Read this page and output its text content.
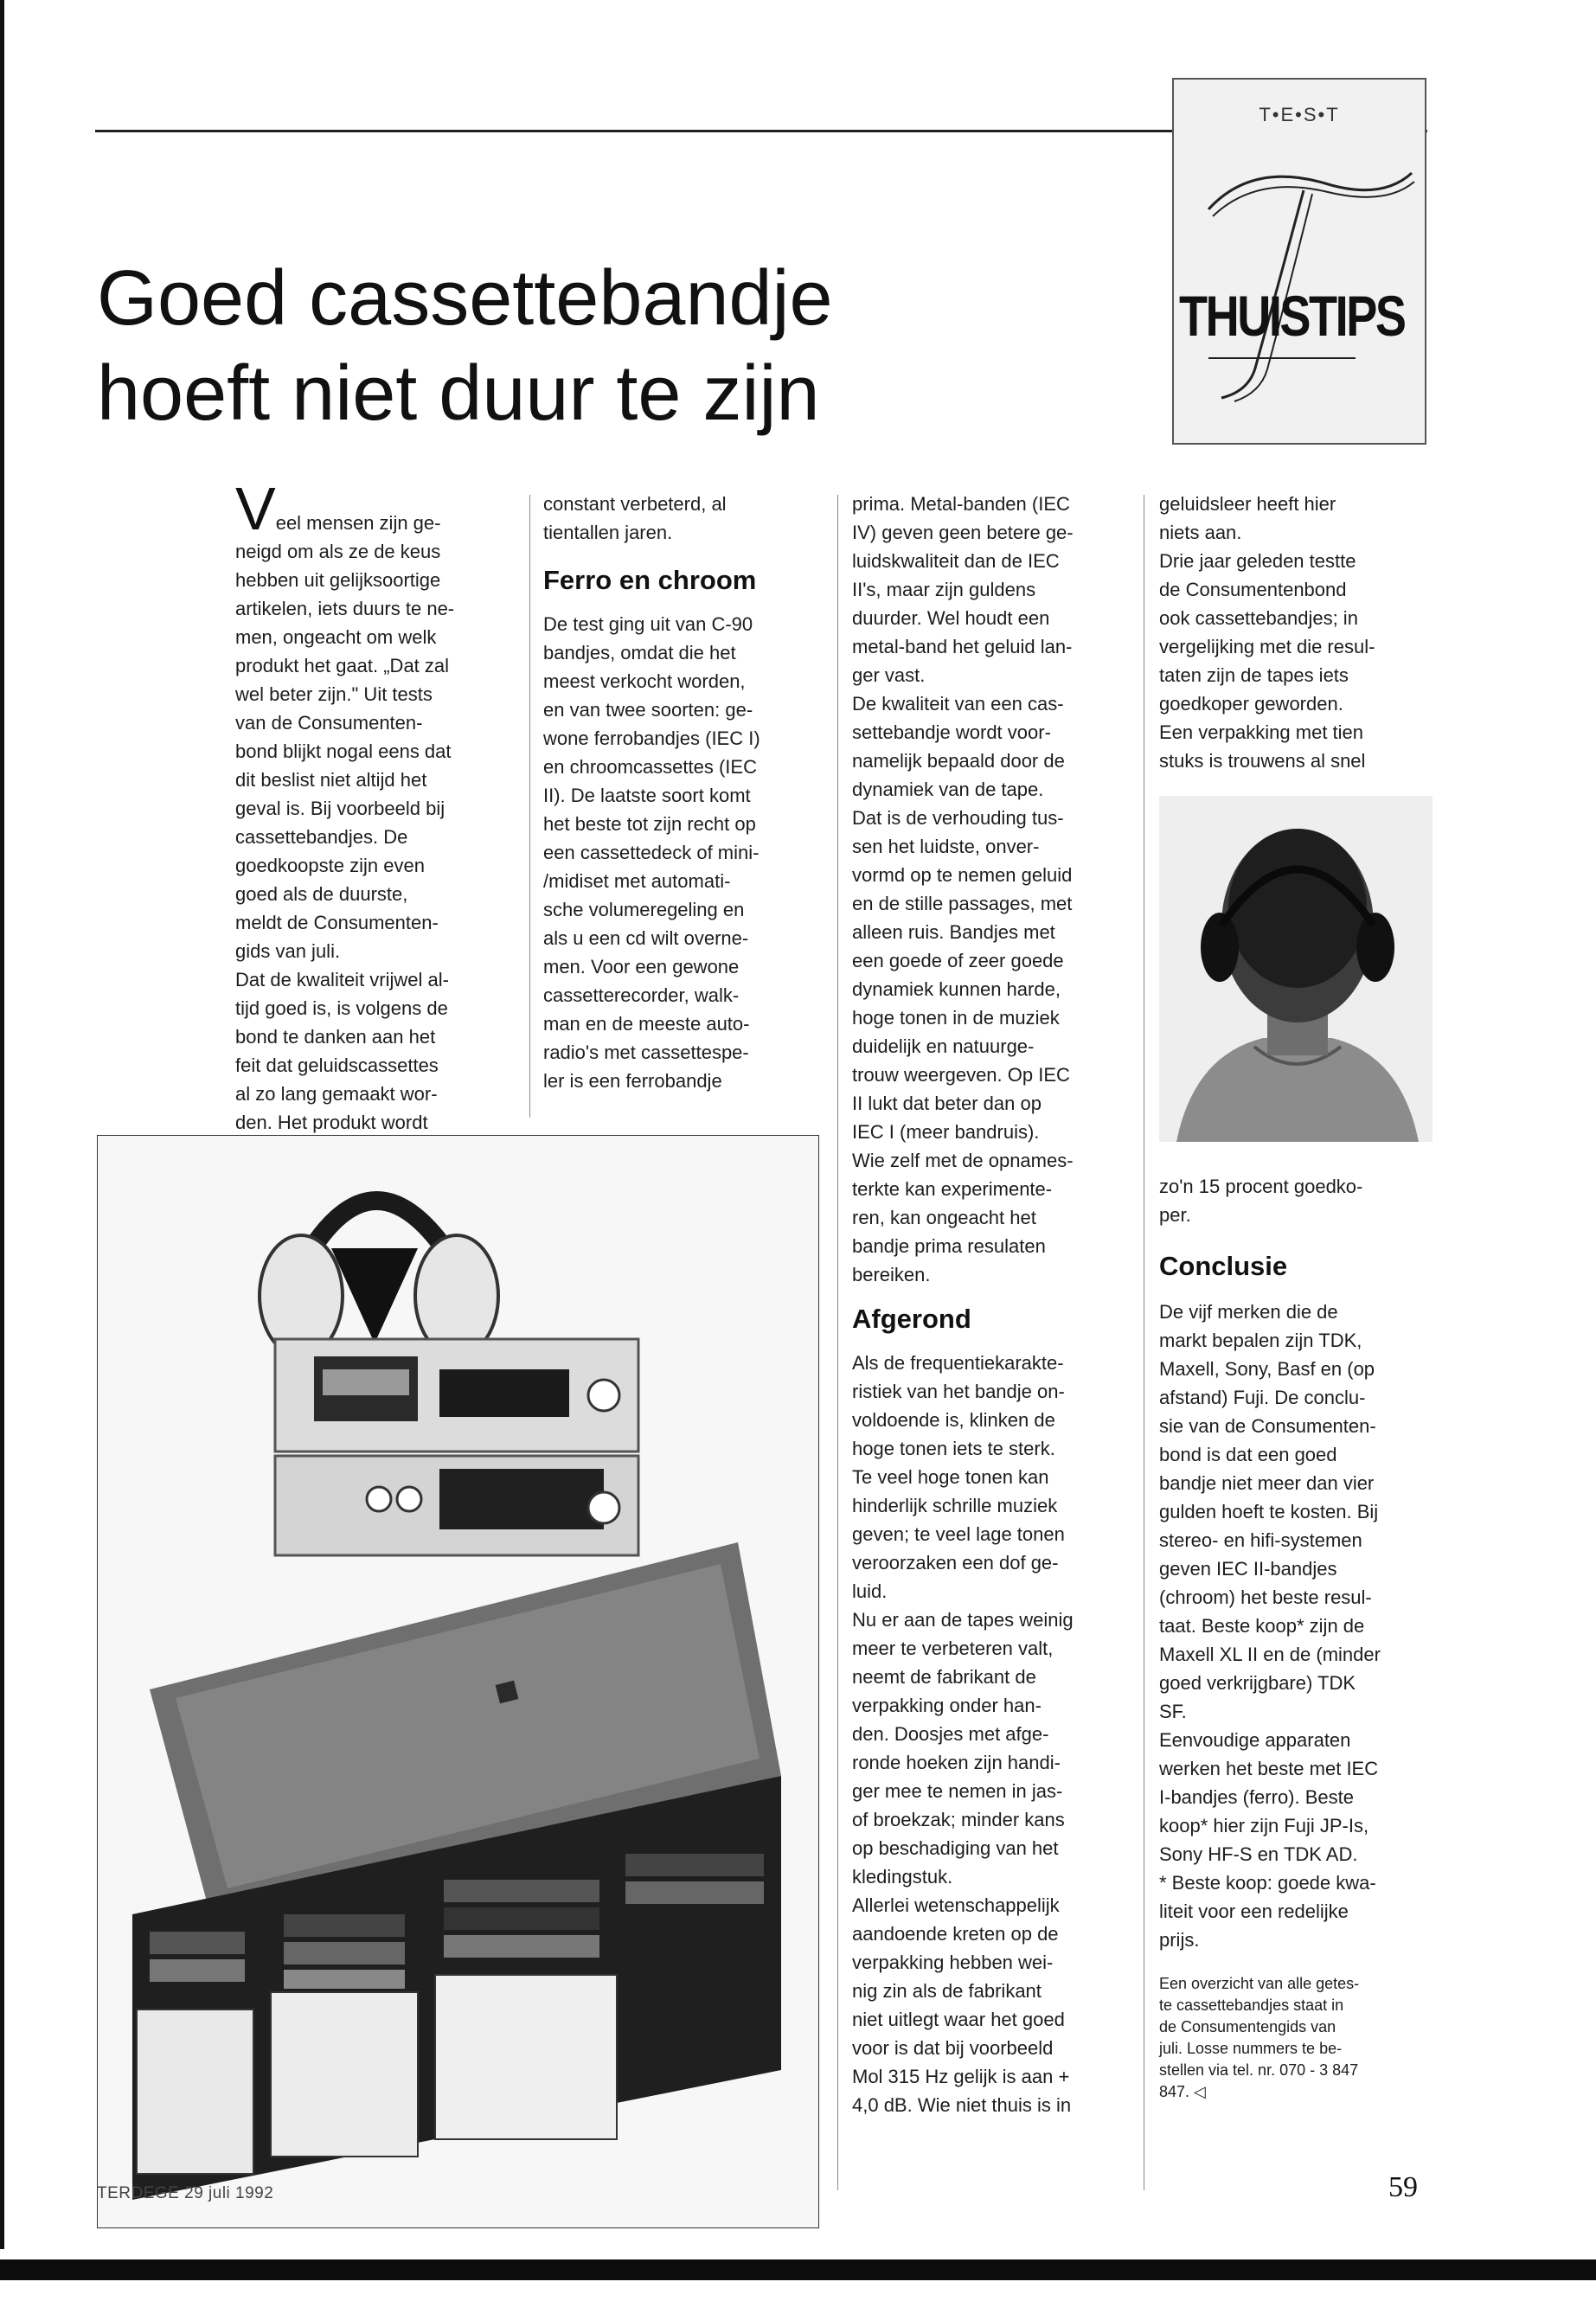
T•E•S•T
THUISTIPS
Goed cassettebandje
hoeft niet duur te zijn

Veel mensen zijn ge-
neigd om als ze de keus
hebben uit gelijksoortige
artikelen, iets duurs te ne-
men, ongeacht om welk
produkt het gaat. „Dat zal
wel beter zijn." Uit tests
van de Consumenten-
bond blijkt nogal eens dat
dit beslist niet altijd het
geval is. Bij voorbeeld bij
cassettebandjes. De
goedkoopste zijn even
goed als de duurste,
meldt de Consumenten-
gids van juli.
Dat de kwaliteit vrijwel al-
tijd goed is, is volgens de
bond te danken aan het
feit dat geluidscassettes
al zo lang gemaakt wor-
den. Het produkt wordt

constant verbeterd, al
tientallen jaren.

Ferro en chroom

De test ging uit van C-90
bandjes, omdat die het
meest verkocht worden,
en van twee soorten: ge-
wone ferrobandjes (IEC I)
en chroomcassettes (IEC
II). De laatste soort komt
het beste tot zijn recht op
een cassettedeck of mini-
/midiset met automati-
sche volumeregeling en
als u een cd wilt overne-
men. Voor een gewone
cassetterecorder, walk-
man en de meeste auto-
radio's met cassettespe-
ler is een ferrobandje

prima. Metal-banden (IEC
IV) geven geen betere ge-
luidskwaliteit dan de IEC
II's, maar zijn guldens
duurder. Wel houdt een
metal-band het geluid lan-
ger vast.
De kwaliteit van een cas-
settebandje wordt voor-
namelijk bepaald door de
dynamiek van de tape.
Dat is de verhouding tus-
sen het luidste, onver-
vormd op te nemen geluid
en de stille passages, met
alleen ruis. Bandjes met
een goede of zeer goede
dynamiek kunnen harde,
hoge tonen in de muziek
duidelijk en natuurge-
trouw weergeven. Op IEC
II lukt dat beter dan op
IEC I (meer bandruis).
Wie zelf met de opnames-
terkte kan experimente-
ren, kan ongeacht het
bandje prima resulaten
bereiken.

Afgerond

Als de frequentiekarakte-
ristiek van het bandje on-
voldoende is, klinken de
hoge tonen iets te sterk.
Te veel hoge tonen kan
hinderlijk schrille muziek
geven; te veel lage tonen
veroorzaken een dof ge-
luid.
Nu er aan de tapes weinig
meer te verbeteren valt,
neemt de fabrikant de
verpakking onder han-
den. Doosjes met afge-
ronde hoeken zijn handi-
ger mee te nemen in jas-
of broekzak; minder kans
op beschadiging van het
kledingstuk.
Allerlei wetenschappelijk
aandoende kreten op de
verpakking hebben wei-
nig zin als de fabrikant
niet uitlegt waar het goed
voor is dat bij voorbeeld
Mol 315 Hz gelijk is aan +
4,0 dB. Wie niet thuis is in

geluidsleer heeft hier
niets aan.
Drie jaar geleden testte
de Consumentenbond
ook cassettebandjes; in
vergelijking met die resul-
taten zijn de tapes iets
goedkoper geworden.
Een verpakking met tien
stuks is trouwens al snel

zo'n 15 procent goedko-
per.

Conclusie

De vijf merken die de
markt bepalen zijn TDK,
Maxell, Sony, Basf en (op
afstand) Fuji. De conclu-
sie van de Consumenten-
bond is dat een goed
bandje niet meer dan vier
gulden hoeft te kosten. Bij
stereo- en hifi-systemen
geven IEC II-bandjes
(chroom) het beste resul-
taat. Beste koop* zijn de
Maxell XL II en de (minder
goed verkrijgbare) TDK
SF.
Eenvoudige apparaten
werken het beste met IEC
I-bandjes (ferro). Beste
koop* hier zijn Fuji JP-Is,
Sony HF-S en TDK AD.
* Beste koop: goede kwa-
liteit voor een redelijke
prijs.

Een overzicht van alle getes-
te cassettebandjes staat in
de Consumentengids van
juli. Losse nummers te be-
stellen via tel. nr. 070 - 3 847
847. ◁

TERDEGE 29 juli 1992	59
